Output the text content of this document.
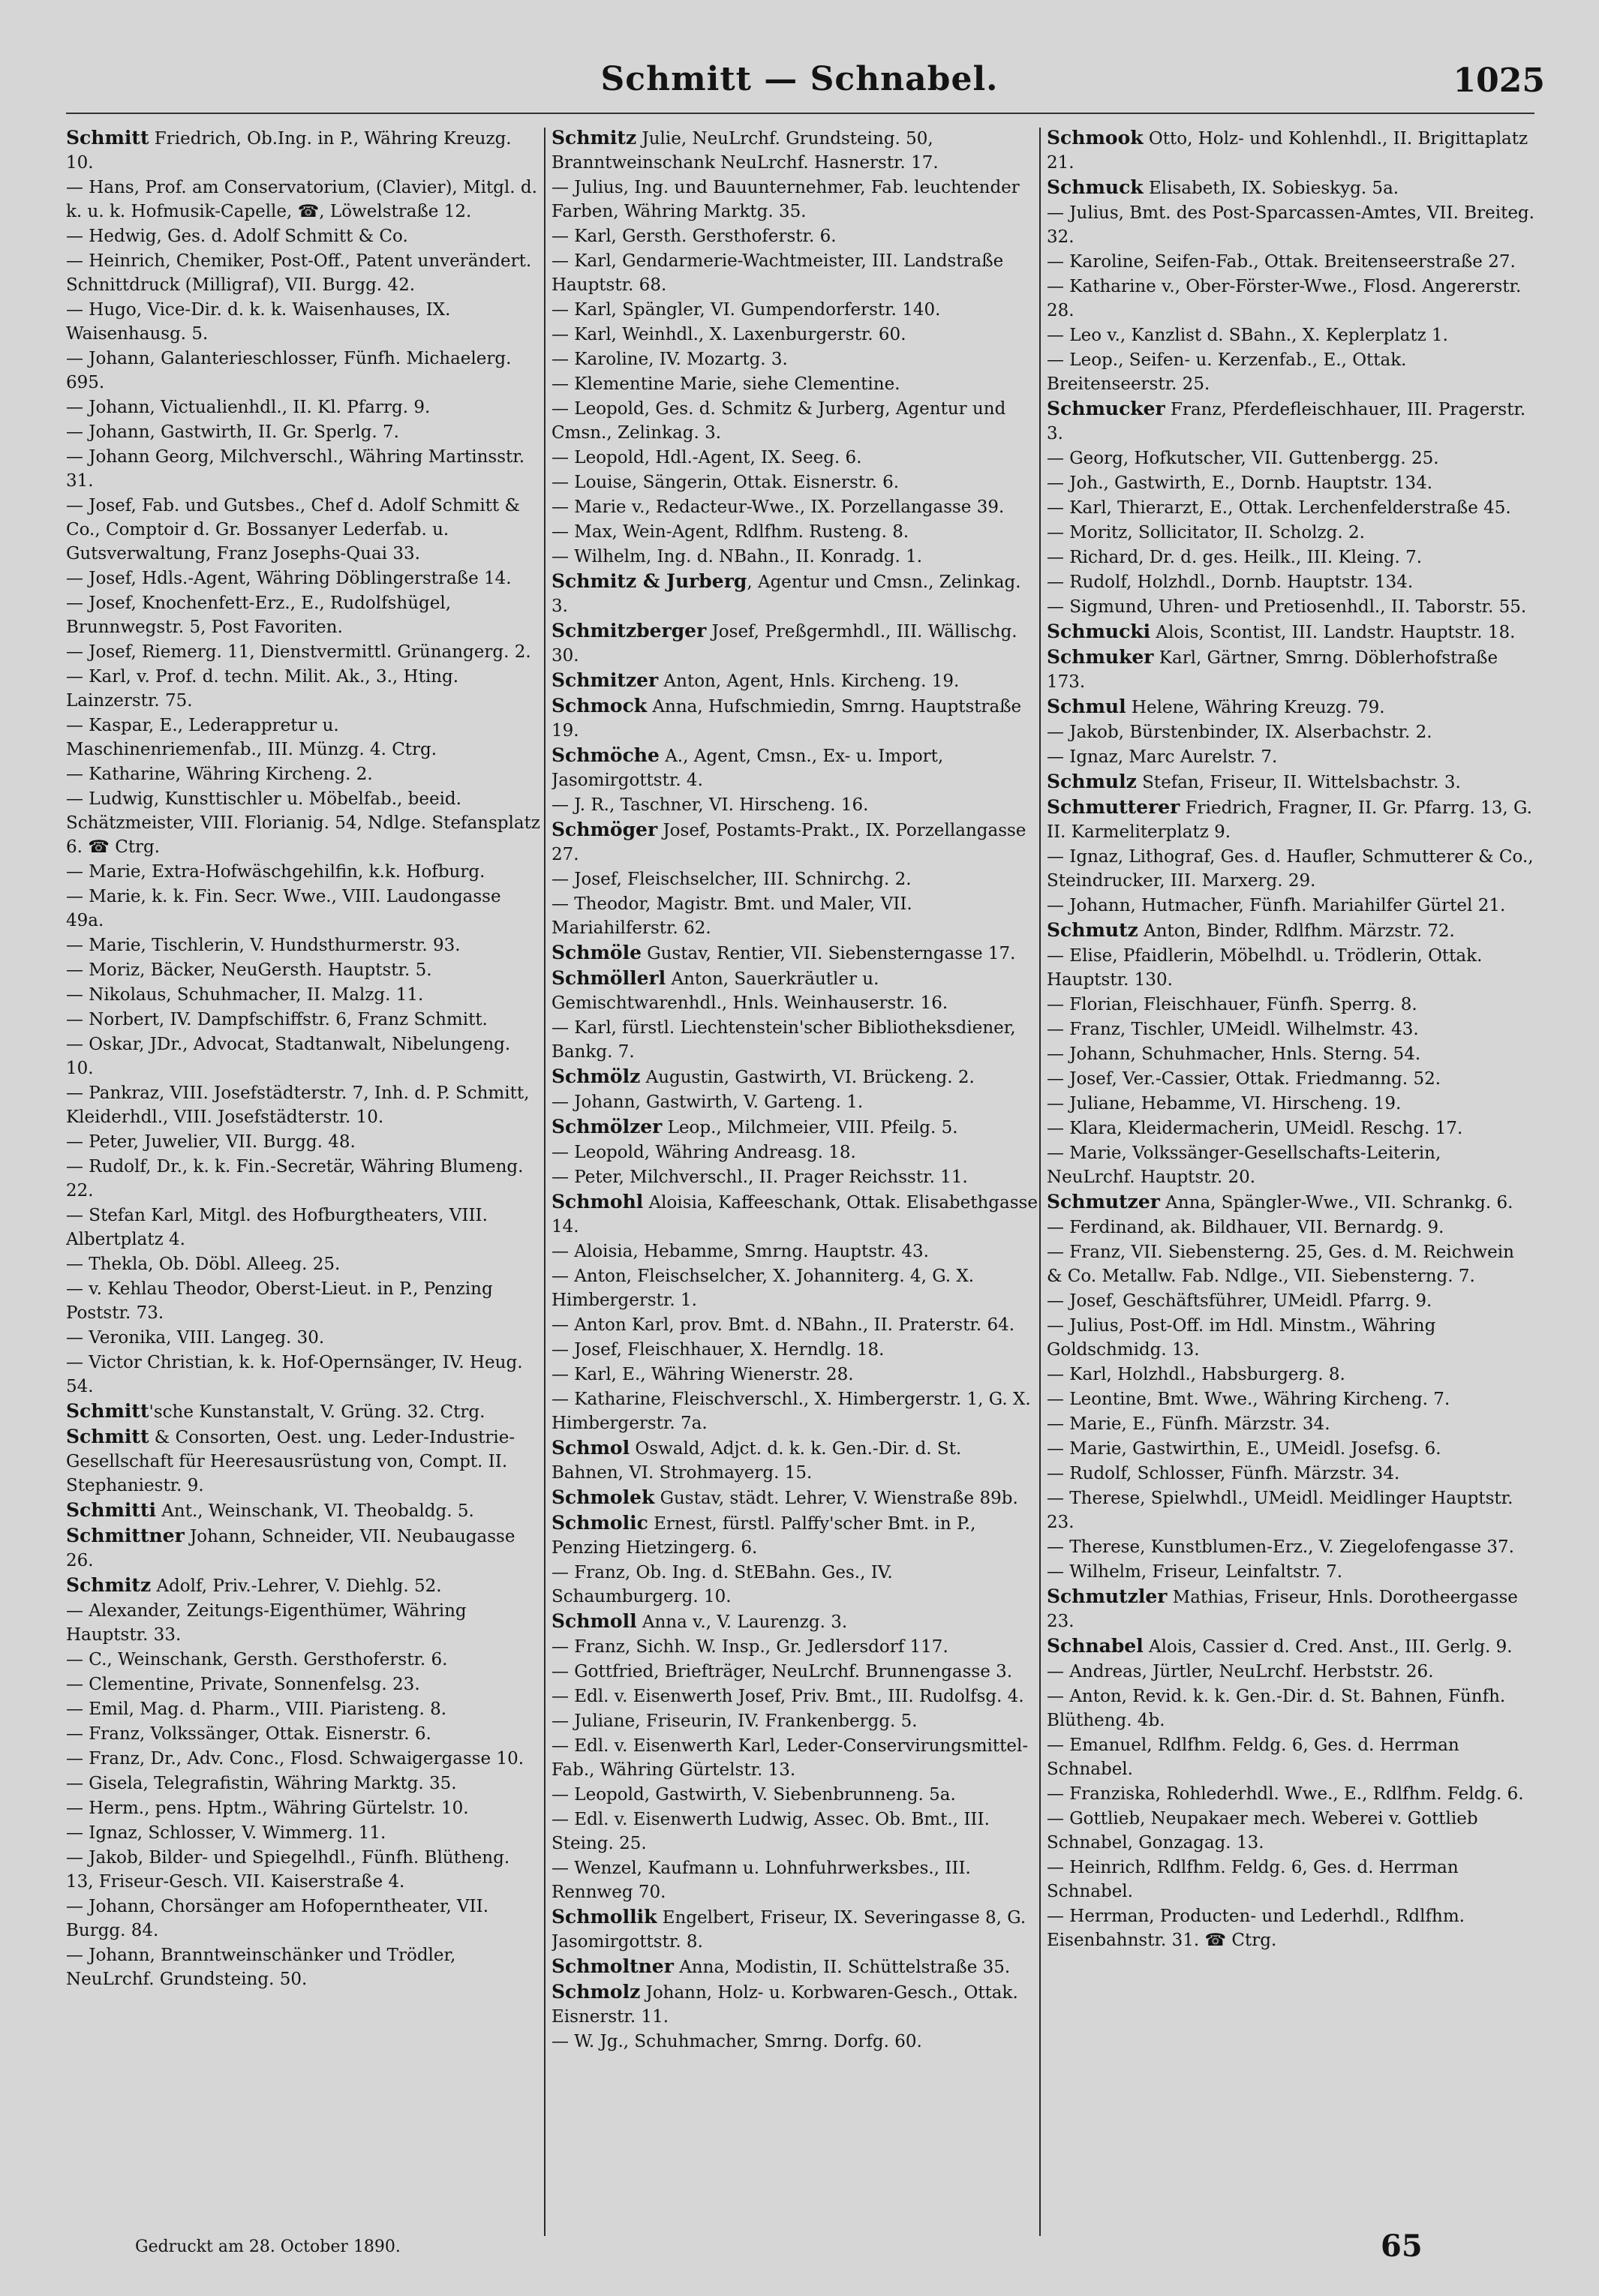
Schmitt — Schnabel.	1025
Schmitt Friedrich, Ob.Ing. in P., Währing Kreuzg. 10.
— Hans, Prof. am Conservatorium, (Clavier), Mitgl. d. k. u. k. Hofmusik-Capelle, ☎, Löwelstraße 12.
— Hedwig, Ges. d. Adolf Schmitt & Co.
— Heinrich, Chemiker, Post-Off., Patent unverändert. Schnittdruck (Milligraf), VII. Burgg. 42.
— Hugo, Vice-Dir. d. k. k. Waisenhauses, IX. Waisenhausg. 5.
— Johann, Galanterieschlosser, Fünfh. Michaelerg. 695.
— Johann, Victualienhdl., II. Kl. Pfarrg. 9.
— Johann, Gastwirth, II. Gr. Sperlg. 7.
— Johann Georg, Milchverschl., Währing Martinsstr. 31.
— Josef, Fab. und Gutsbes., Chef d. Adolf Schmitt & Co., Comptoir d. Gr. Bossanyer Lederfab. u. Gutsverwaltung, Franz Josephs-Quai 33.
— Josef, Hdls.-Agent, Währing Döblingerstraße 14.
— Josef, Knochenfett-Erz., E., Rudolfshügel, Brunnwegstr. 5, Post Favoriten.
— Josef, Riemerg. 11, Dienstvermittl. Grünangerg. 2.
— Karl, v. Prof. d. techn. Milit. Ak., 3., Hting. Lainzerstr. 75.
— Kaspar, E., Lederappretur u. Maschinenriemenfab., III. Münzg. 4. Ctrg.
— Katharine, Währing Kircheng. 2.
— Ludwig, Kunsttischler u. Möbelfab., beeid. Schätzmeister, VIII. Florianig. 54, Ndlge. Stefansplatz 6. ☎ Ctrg.
— Marie, Extra-Hofwäschgehilfin, k.k. Hofburg.
— Marie, k. k. Fin. Secr. Wwe., VIII. Laudongasse 49a.
— Marie, Tischlerin, V. Hundsthurmerstr. 93.
— Moriz, Bäcker, NeuGersth. Hauptstr. 5.
— Nikolaus, Schuhmacher, II. Malzg. 11.
— Norbert, IV. Dampfschiffstr. 6, Franz Schmitt.
— Oskar, JDr., Advocat, Stadtanwalt, Nibelungeng. 10.
— Pankraz, VIII. Josefstädterstr. 7, Inh. d. P. Schmitt, Kleiderhdl., VIII. Josefstädterstr. 10.
— Peter, Juwelier, VII. Burgg. 48.
— Rudolf, Dr., k. k. Fin.-Secretär, Währing Blumeng. 22.
— Stefan Karl, Mitgl. des Hofburgtheaters, VIII. Albertplatz 4.
— Thekla, Ob. Döbl. Alleeg. 25.
— v. Kehlau Theodor, Oberst-Lieut. in P., Penzing Poststr. 73.
— Veronika, VIII. Langeg. 30.
— Victor Christian, k. k. Hof-Opernsänger, IV. Heug. 54.
Schmitt'sche Kunstanstalt, V. Grüng. 32. Ctrg.
Schmitt & Consorten, Oest. ung. Leder-Industrie-Gesellschaft für Heeresausrüstung von, Compt. II. Stephaniestr. 9.
Schmitti Ant., Weinschank, VI. Theobaldg. 5.
Schmittner Johann, Schneider, VII. Neubaugasse 26.
Schmitz Adolf, Priv.-Lehrer, V. Diehlg. 52.
— Alexander, Zeitungs-Eigenthümer, Währing Hauptstr. 33.
— C., Weinschank, Gersth. Gersthoferstr. 6.
— Clementine, Private, Sonnenfelsg. 23.
— Emil, Mag. d. Pharm., VIII. Piaristeng. 8.
— Franz, Volkssänger, Ottak. Eisnerstr. 6.
— Franz, Dr., Adv. Conc., Flosd. Schwaigergasse 10.
— Gisela, Telegrafistin, Währing Marktg. 35.
— Herm., pens. Hptm., Währing Gürtelstr. 10.
— Ignaz, Schlosser, V. Wimmerg. 11.
— Jakob, Bilder- und Spiegelhdl., Fünfh. Blütheng. 13, Friseur-Gesch. VII. Kaiserstraße 4.
— Johann, Chorsänger am Hofoperntheater, VII. Burgg. 84.
— Johann, Branntweinschänker und Trödler, NeuLrchf. Grundsteing. 50.
Schmitz Julie, NeuLrchf. Grundsteing. 50, Branntweinschank NeuLrchf. Hasnerstr. 17.
— Julius, Ing. und Bauunternehmer, Fab. leuchtender Farben, Währing Marktg. 35.
— Karl, Gersth. Gersthoferstr. 6.
— Karl, Gendarmerie-Wachtmeister, III. Landstraße Hauptstr. 68.
— Karl, Spängler, VI. Gumpendorferstr. 140.
— Karl, Weinhdl., X. Laxenburgerstr. 60.
— Karoline, IV. Mozartg. 3.
— Klementine Marie, siehe Clementine.
— Leopold, Ges. d. Schmitz & Jurberg, Agentur und Cmsn., Zelinkag. 3.
— Leopold, Hdl.-Agent, IX. Seeg. 6.
— Louise, Sängerin, Ottak. Eisnerstr. 6.
— Marie v., Redacteur-Wwe., IX. Porzellangasse 39.
— Max, Wein-Agent, Rdlfhm. Rusteng. 8.
— Wilhelm, Ing. d. NBahn., II. Konradg. 1.
Schmitz & Jurberg, Agentur und Cmsn., Zelinkag. 3.
Schmitzberger Josef, Preßgermhdl., III. Wällischg. 30.
Schmitzer Anton, Agent, Hnls. Kircheng. 19.
Schmock Anna, Hufschmiedin, Smrng. Hauptstraße 19.
Schmöche A., Agent, Cmsn., Ex- u. Import, Jasomirgottstr. 4.
— J. R., Taschner, VI. Hirscheng. 16.
Schmöger Josef, Postamts-Prakt., IX. Porzellangasse 27.
— Josef, Fleischselcher, III. Schnirchg. 2.
— Theodor, Magistr. Bmt. und Maler, VII. Mariahilferstr. 62.
Schmöle Gustav, Rentier, VII. Siebensterngasse 17.
Schmöllerl Anton, Sauerkräutler u. Gemischtwarenhdl., Hnls. Weinhauserstr. 16.
— Karl, fürstl. Liechtenstein'scher Bibliotheksdiener, Bankg. 7.
Schmölz Augustin, Gastwirth, VI. Brückeng. 2.
— Johann, Gastwirth, V. Garteng. 1.
Schmölzer Leop., Milchmeier, VIII. Pfeilg. 5.
— Leopold, Währing Andreasg. 18.
— Peter, Milchverschl., II. Prager Reichsstr. 11.
Schmohl Aloisia, Kaffeeschank, Ottak. Elisabethgasse 14.
— Aloisia, Hebamme, Smrng. Hauptstr. 43.
— Anton, Fleischselcher, X. Johanniterg. 4, G. X. Himbergerstr. 1.
— Anton Karl, prov. Bmt. d. NBahn., II. Praterstr. 64.
— Josef, Fleischhauer, X. Herndlg. 18.
— Karl, E., Währing Wienerstr. 28.
— Katharine, Fleischverschl., X. Himbergerstr. 1, G. X. Himbergerstr. 7a.
Schmol Oswald, Adjct. d. k. k. Gen.-Dir. d. St. Bahnen, VI. Strohmayerg. 15.
Schmolek Gustav, städt. Lehrer, V. Wienstraße 89b.
Schmolic Ernest, fürstl. Palffy'scher Bmt. in P., Penzing Hietzingerg. 6.
— Franz, Ob. Ing. d. StEBahn. Ges., IV. Schaumburgerg. 10.
Schmoll Anna v., V. Laurenzg. 3.
— Franz, Sichh. W. Insp., Gr. Jedlersdorf 117.
— Gottfried, Briefträger, NeuLrchf. Brunnengasse 3.
— Edl. v. Eisenwerth Josef, Priv. Bmt., III. Rudolfsg. 4.
— Juliane, Friseurin, IV. Frankenbergg. 5.
— Edl. v. Eisenwerth Karl, Leder-Conservirungsmittel-Fab., Währing Gürtelstr. 13.
— Leopold, Gastwirth, V. Siebenbrunneng. 5a.
— Edl. v. Eisenwerth Ludwig, Assec. Ob. Bmt., III. Steing. 25.
— Wenzel, Kaufmann u. Lohnfuhrwerksbes., III. Rennweg 70.
Schmollik Engelbert, Friseur, IX. Severingasse 8, G. Jasomirgottstr. 8.
Schmoltner Anna, Modistin, II. Schüttelstraße 35.
Schmolz Johann, Holz- u. Korbwaren-Gesch., Ottak. Eisnerstr. 11.
— W. Jg., Schuhmacher, Smrng. Dorfg. 60.
Schmook Otto, Holz- und Kohlenhdl., II. Brigittaplatz 21.
Schmuck Elisabeth, IX. Sobieskyg. 5a.
— Julius, Bmt. des Post-Sparcassen-Amtes, VII. Breiteg. 32.
— Karoline, Seifen-Fab., Ottak. Breitenseerstraße 27.
— Katharine v., Ober-Förster-Wwe., Flosd. Angererstr. 28.
— Leo v., Kanzlist d. SBahn., X. Keplerplatz 1.
— Leop., Seifen- u. Kerzenfab., E., Ottak. Breitenseerstr. 25.
Schmucker Franz, Pferdefleischhauer, III. Pragerstr. 3.
— Georg, Hofkutscher, VII. Guttenbergg. 25.
— Joh., Gastwirth, E., Dornb. Hauptstr. 134.
— Karl, Thierarzt, E., Ottak. Lerchenfelderstraße 45.
— Moritz, Sollicitator, II. Scholzg. 2.
— Richard, Dr. d. ges. Heilk., III. Kleing. 7.
— Rudolf, Holzhdl., Dornb. Hauptstr. 134.
— Sigmund, Uhren- und Pretiosenhdl., II. Taborstr. 55.
Schmucki Alois, Scontist, III. Landstr. Hauptstr. 18.
Schmuker Karl, Gärtner, Smrng. Döblerhofstraße 173.
Schmul Helene, Währing Kreuzg. 79.
— Jakob, Bürstenbinder, IX. Alserbachstr. 2.
— Ignaz, Marc Aurelstr. 7.
Schmulz Stefan, Friseur, II. Wittelsbachstr. 3.
Schmutterer Friedrich, Fragner, II. Gr. Pfarrg. 13, G. II. Karmeliterplatz 9.
— Ignaz, Lithograf, Ges. d. Haufler, Schmutterer & Co., Steindrucker, III. Marxerg. 29.
— Johann, Hutmacher, Fünfh. Mariahilfer Gürtel 21.
Schmutz Anton, Binder, Rdlfhm. Märzstr. 72.
— Elise, Pfaidlerin, Möbelhdl. u. Trödlerin, Ottak. Hauptstr. 130.
— Florian, Fleischhauer, Fünfh. Sperrg. 8.
— Franz, Tischler, UMeidl. Wilhelmstr. 43.
— Johann, Schuhmacher, Hnls. Sterng. 54.
— Josef, Ver.-Cassier, Ottak. Friedmanng. 52.
— Juliane, Hebamme, VI. Hirscheng. 19.
— Klara, Kleidermacherin, UMeidl. Reschg. 17.
— Marie, Volkssänger-Gesellschafts-Leiterin, NeuLrchf. Hauptstr. 20.
Schmutzer Anna, Spängler-Wwe., VII. Schrankg. 6.
— Ferdinand, ak. Bildhauer, VII. Bernardg. 9.
— Franz, VII. Siebensterng. 25, Ges. d. M. Reichwein & Co. Metallw. Fab. Ndlge., VII. Siebensterng. 7.
— Josef, Geschäftsführer, UMeidl. Pfarrg. 9.
— Julius, Post-Off. im Hdl. Minstm., Währing Goldschmidg. 13.
— Karl, Holzhdl., Habsburgerg. 8.
— Leontine, Bmt. Wwe., Währing Kircheng. 7.
— Marie, E., Fünfh. Märzstr. 34.
— Marie, Gastwirthin, E., UMeidl. Josefsg. 6.
— Rudolf, Schlosser, Fünfh. Märzstr. 34.
— Therese, Spielwhdl., UMeidl. Meidlinger Hauptstr. 23.
— Therese, Kunstblumen-Erz., V. Ziegelofengasse 37.
— Wilhelm, Friseur, Leinfaltstr. 7.
Schmutzler Mathias, Friseur, Hnls. Dorotheergasse 23.
Schnabel Alois, Cassier d. Cred. Anst., III. Gerlg. 9.
— Andreas, Jürtler, NeuLrchf. Herbststr. 26.
— Anton, Revid. k. k. Gen.-Dir. d. St. Bahnen, Fünfh. Blütheng. 4b.
— Emanuel, Rdlfhm. Feldg. 6, Ges. d. Herrman Schnabel.
— Franziska, Rohlederhdl. Wwe., E., Rdlfhm. Feldg. 6.
— Gottlieb, Neupakaer mech. Weberei v. Gottlieb Schnabel, Gonzagag. 13.
— Heinrich, Rdlfhm. Feldg. 6, Ges. d. Herrman Schnabel.
— Herrman, Producten- und Lederhdl., Rdlfhm. Eisenbahnstr. 31. ☎ Ctrg.
Gedruckt am 28. October 1890.	65
